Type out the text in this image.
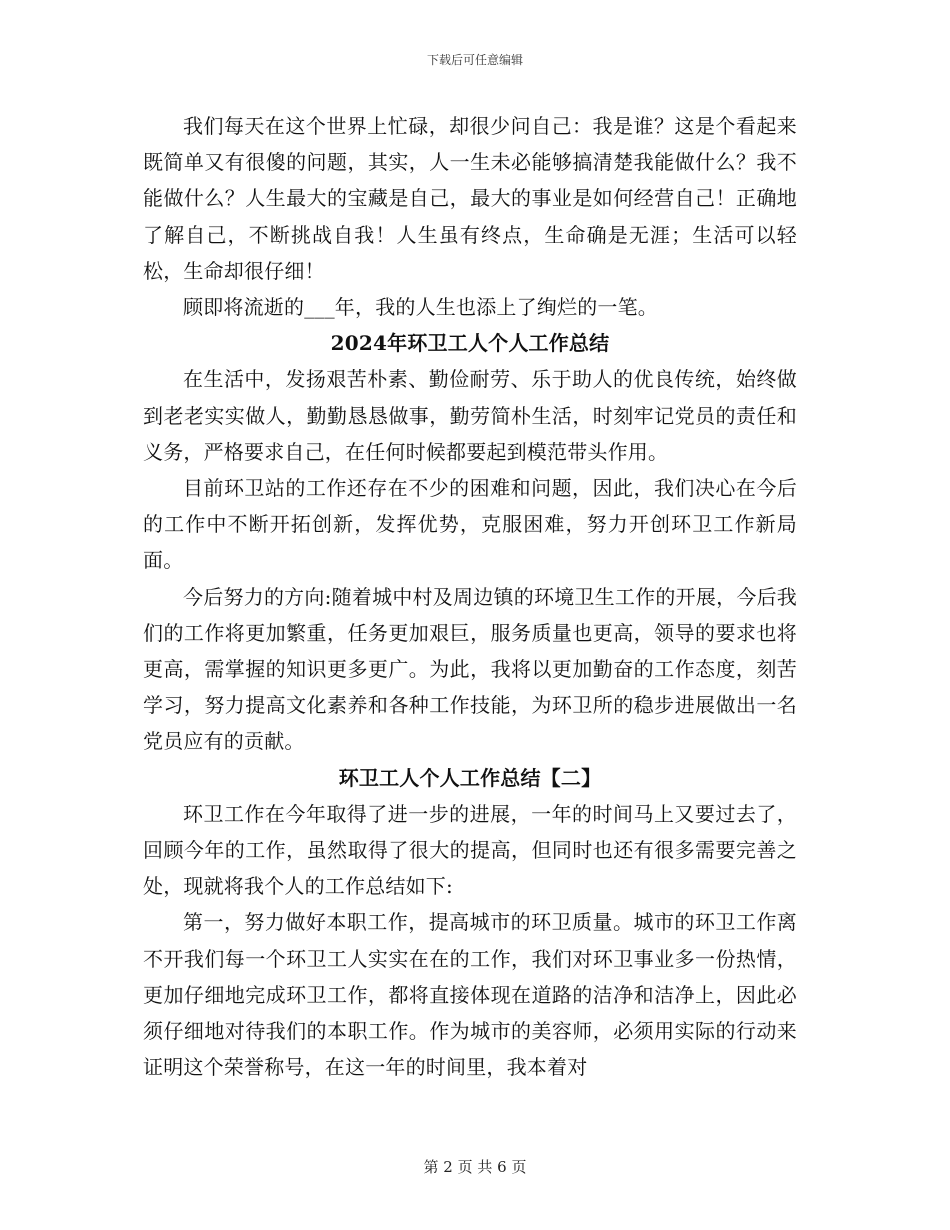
下载后可任意编辑

我们每天在这个世界上忙碌，却很少问自己：我是谁？这是个看起来既简单又有很傻的问题，其实，人一生未必能够搞清楚我能做什么？我不能做什么？人生最大的宝藏是自己，最大的事业是如何经营自己！正确地了解自己，不断挑战自我！人生虽有终点，生命确是无涯；生活可以轻松，生命却很仔细！

顾即将流逝的___年，我的人生也添上了绚烂的一笔。

2024年环卫工人个人工作总结

在生活中，发扬艰苦朴素、勤俭耐劳、乐于助人的优良传统，始终做到老老实实做人，勤勤恳恳做事，勤劳简朴生活，时刻牢记党员的责任和义务，严格要求自己，在任何时候都要起到模范带头作用。

目前环卫站的工作还存在不少的困难和问题，因此，我们决心在今后的工作中不断开拓创新，发挥优势，克服困难，努力开创环卫工作新局面。

今后努力的方向:随着城中村及周边镇的环境卫生工作的开展，今后我们的工作将更加繁重，任务更加艰巨，服务质量也更高，领导的要求也将更高，需掌握的知识更多更广。为此，我将以更加勤奋的工作态度，刻苦学习，努力提高文化素养和各种工作技能，为环卫所的稳步进展做出一名党员应有的贡献。

环卫工人个人工作总结【二】

环卫工作在今年取得了进一步的进展，一年的时间马上又要过去了，回顾今年的工作，虽然取得了很大的提高，但同时也还有很多需要完善之处，现就将我个人的工作总结如下:

第一，努力做好本职工作，提高城市的环卫质量。城市的环卫工作离不开我们每一个环卫工人实实在在的工作，我们对环卫事业多一份热情，更加仔细地完成环卫工作，都将直接体现在道路的洁净和洁净上，因此必须仔细地对待我们的本职工作。作为城市的美容师，必须用实际的行动来证明这个荣誉称号，在这一年的时间里，我本着对

第 2 页 共 6 页
